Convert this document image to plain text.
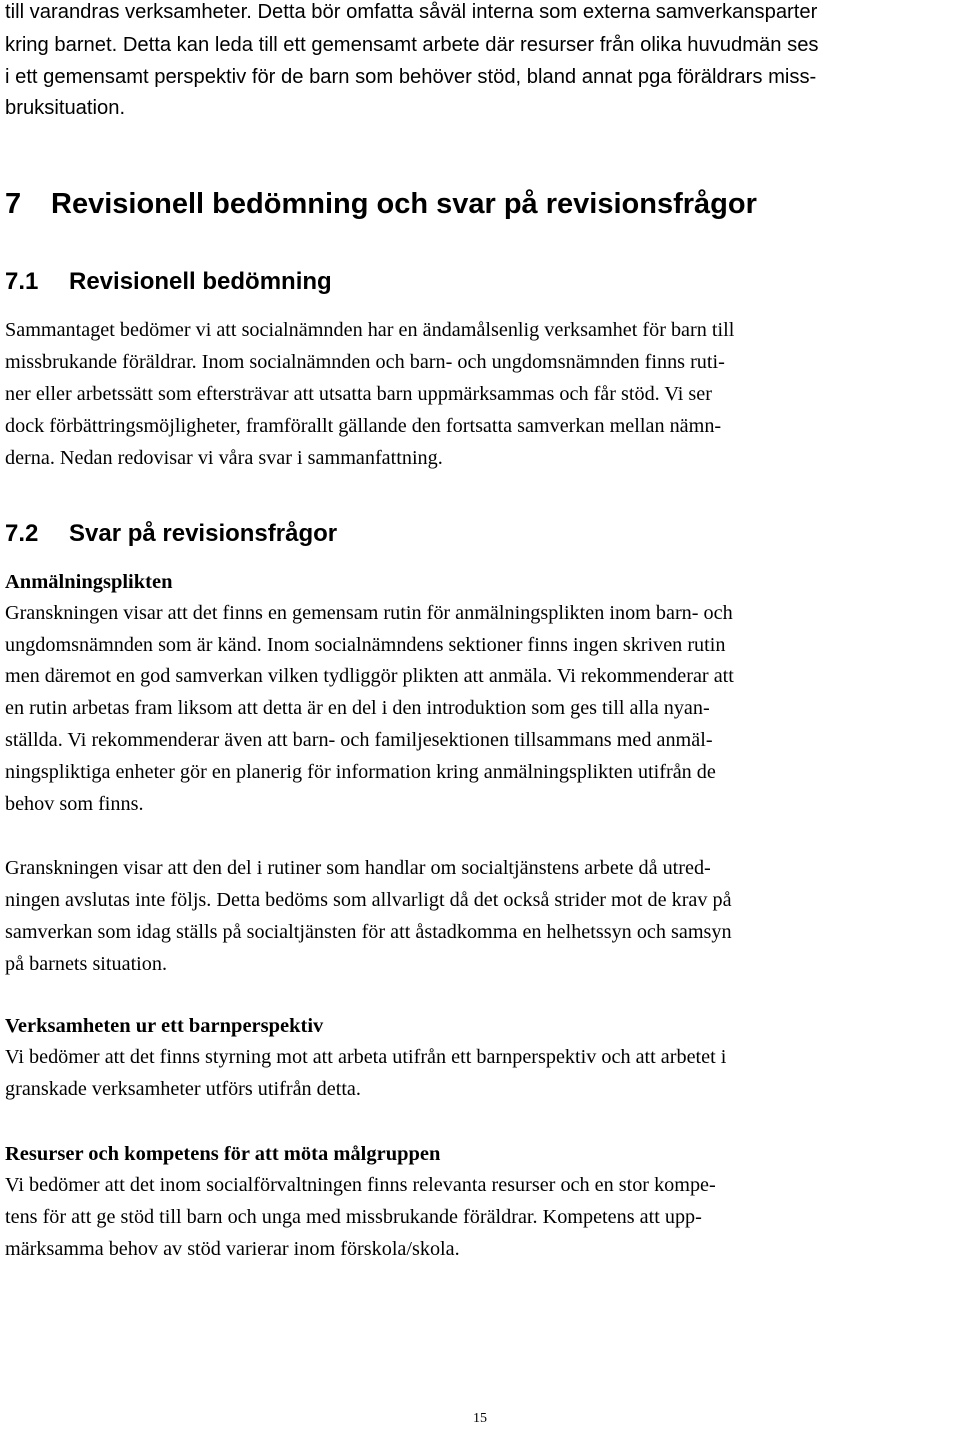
till varandras verksamheter. Detta bör omfatta såväl interna som externa samverkansparter
kring barnet. Detta kan leda till ett gemensamt arbete där resurser från olika huvudmän ses
i ett gemensamt perspektiv för de barn som behöver stöd, bland annat pga föräldrars miss-
bruksituation.
7 Revisionell bedömning och svar på revisionsfrågor
7.1 Revisionell bedömning
Sammantaget bedömer vi att socialnämnden har en ändamålsenlig verksamhet för barn till
missbrukande föräldrar. Inom socialnämnden och barn- och ungdomsnämnden finns ruti-
ner eller arbetssätt som eftersträvar att utsatta barn uppmärksammas och får stöd. Vi ser
dock förbättringsmöjligheter, framförallt gällande den fortsatta samverkan mellan nämn-
derna. Nedan redovisar vi våra svar i sammanfattning.
7.2 Svar på revisionsfrågor
Anmälningsplikten
Granskningen visar att det finns en gemensam rutin för anmälningsplikten inom barn- och
ungdomsnämnden som är känd. Inom socialnämndens sektioner finns ingen skriven rutin
men däremot en god samverkan vilken tydliggör plikten att anmäla. Vi rekommenderar att
en rutin arbetas fram liksom att detta är en del i den introduktion som ges till alla nyan-
ställda. Vi rekommenderar även att barn- och familjesektionen tillsammans med anmäl-
ningspliktiga enheter gör en planerig för information kring anmälningsplikten utifrån de
behov som finns.
Granskningen visar att den del i rutiner som handlar om socialtjänstens arbete då utred-
ningen avslutas inte följs. Detta bedöms som allvarligt då det också strider mot de krav på
samverkan som idag ställs på socialtjänsten för att åstadkomma en helhetssyn och samsyn
på barnets situation.
Verksamheten ur ett barnperspektiv
Vi bedömer att det finns styrning mot att arbeta utifrån ett barnperspektiv och att arbetet i
granskade verksamheter utförs utifrån detta.
Resurser och kompetens för att möta målgruppen
Vi bedömer att det inom socialförvaltningen finns relevanta resurser och en stor kompe-
tens för att ge stöd till barn och unga med missbrukande föräldrar. Kompetens att upp-
märksamma behov av stöd varierar inom förskola/skola.
15
